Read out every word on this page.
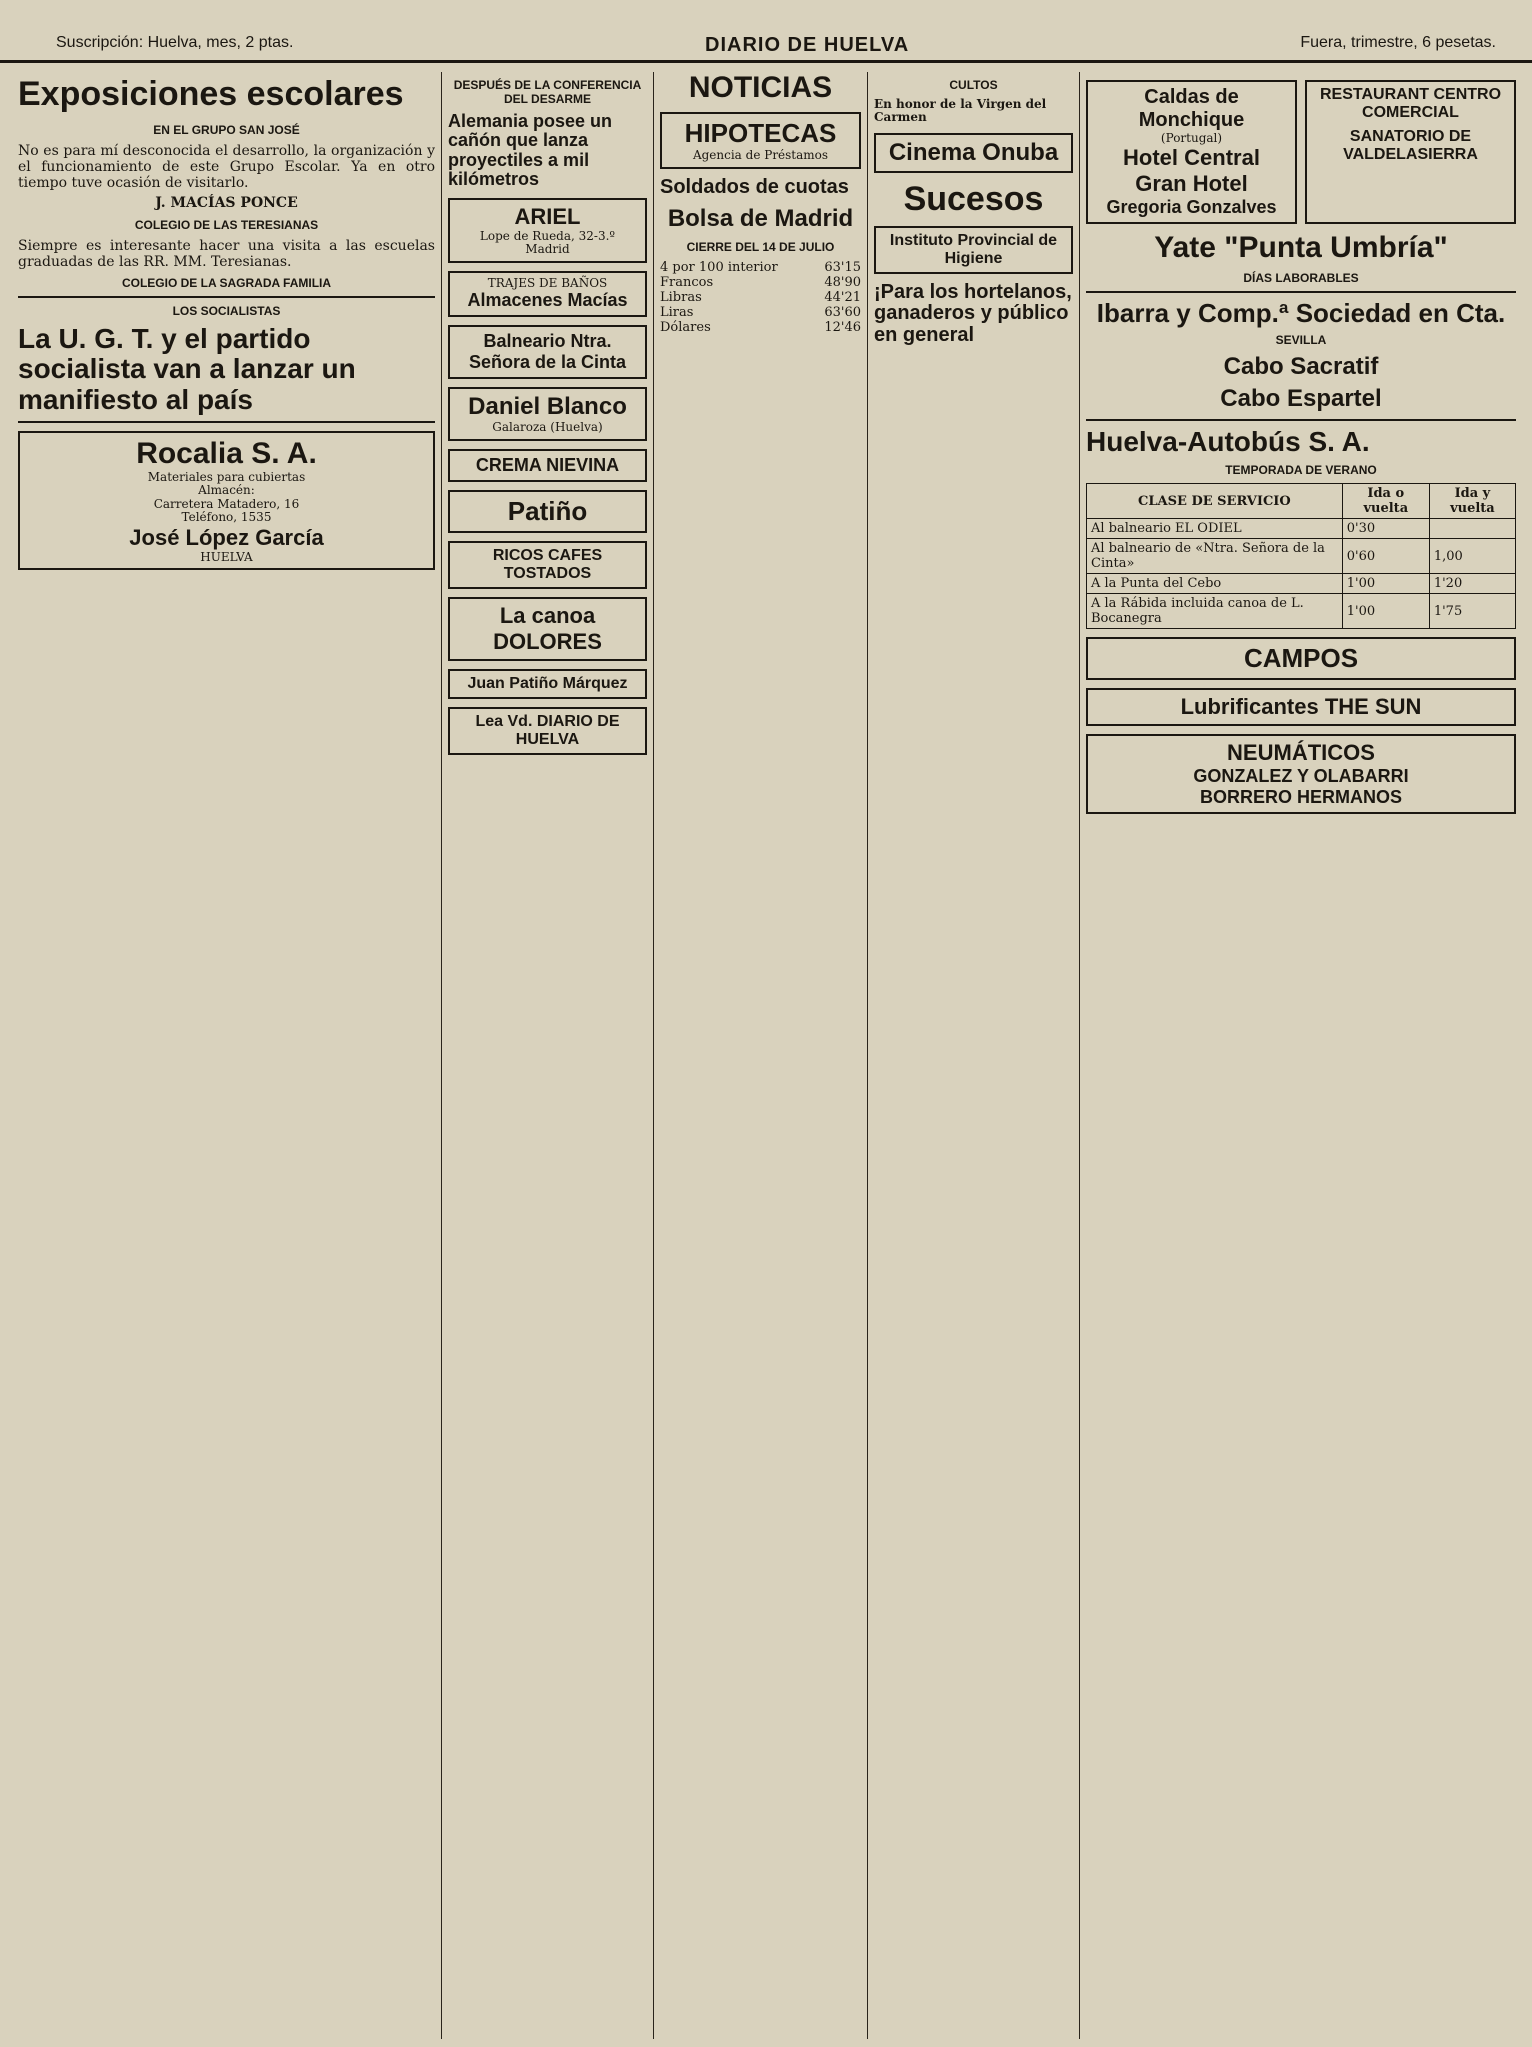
Suscripción: Huelva, mes, 2 ptas.	DIARIO DE HUELVA	Fuera, trimestre, 6 pesetas.
Exposiciones escolares
EN EL GRUPO SAN JOSÉ

No es para mí desconocida el desarrollo, la organización y el funcionamiento de este Grupo Escolar. Ya en otro tiempo tuve ocasión de visitarlo.

J. MACÍAS PONCE

COLEGIO DE LAS TERESIANAS

Siempre es interesante hacer una visita a las escuelas graduadas de las RR. MM. Teresianas.

COLEGIO DE LA SAGRADA FAMILIA
LOS SOCIALISTAS
La U. G. T. y el partido socialista van a lanzar un manifiesto al país
Rocalia S. A.
Materiales para cubiertas
Almacén:
Carretera Matadero, 16
Teléfono, 1535
José López García
HUELVA
DESPUÉS DE LA CONFERENCIA DEL DESARME
Alemania posee un cañón que lanza proyectiles a mil kilómetros
ARIEL
Lope de Rueda, 32-3.º Madrid
TRAJES DE BAÑOS
Almacenes Macías
Balneario Ntra. Señora de la Cinta
Daniel Blanco
Galaroza (Huelva)
CREMA NIEVINA
Patiño
RICOS CAFES TOSTADOS
La canoa DOLORES
Juan Patiño Márquez
Lea Vd. DIARIO DE HUELVA
NOTICIAS
HIPOTECAS
Agencia de Préstamos
Soldados de cuotas
Bolsa de Madrid
CIERRE DEL 14 DE JULIO
4 por 100 interior	63'15
Francos	48'90
Libras	44'21
Liras	63'60
Dólares	12'46
CULTOS
En honor de la Virgen del Carmen
Cinema Onuba
Sucesos
Instituto Provincial de Higiene
¡Para los hortelanos, ganaderos y público en general
Caldas de Monchique
(Portugal)
Hotel Central
Gran Hotel
Gregoria Gonzalves
RESTAURANT CENTRO COMERCIAL
SANATORIO DE VALDELASIERRA
Yate "Punta Umbría"
DÍAS LABORABLES
Ibarra y Comp.ª Sociedad en Cta.
SEVILLA
Cabo Sacratif
Cabo Espartel
Huelva-Autobús S. A.
TEMPORADA DE VERANO
CLASE DE SERVICIO	Ida o vuelta	Ida y vuelta
Al balneario EL ODIEL	0'30	
Al balneario de «Ntra. Señora de la Cinta»	0'60	1,00
A la Punta del Cebo	1'00	1'20
A la Rábida incluida canoa de L. Bocanegra	1'00	1'75
CAMPOS
Lubrificantes THE SUN
NEUMÁTICOS
GONZALEZ Y OLABARRI
BORRERO HERMANOS
